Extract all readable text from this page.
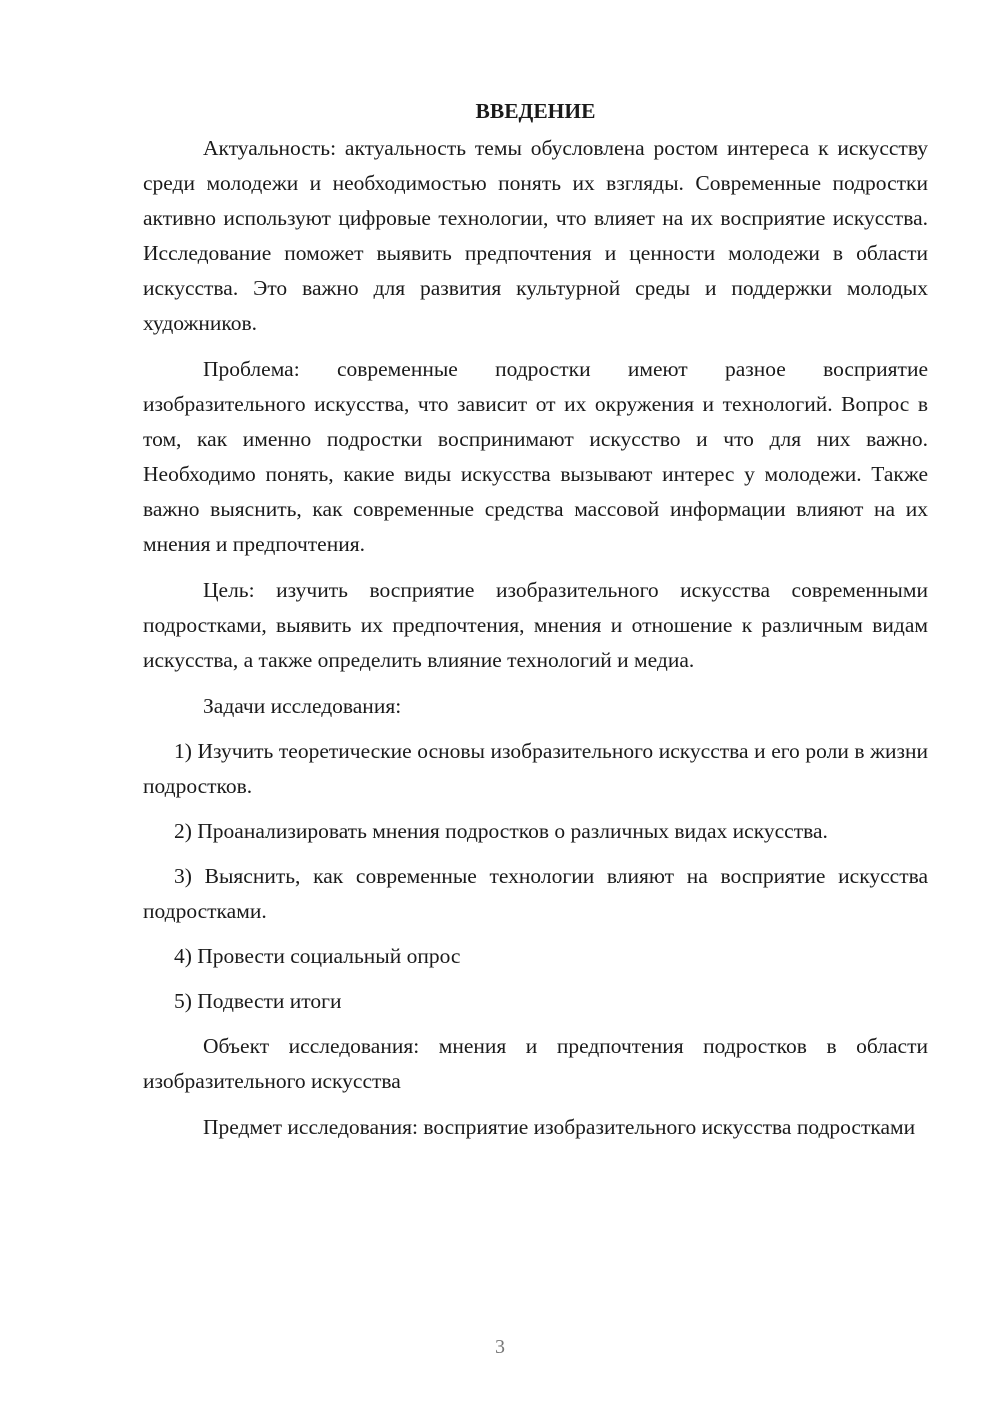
ВВЕДЕНИЕ

Актуальность: актуальность темы обусловлена ростом интереса к искусству среди молодежи и необходимостью понять их взгляды. Современные подростки активно используют цифровые технологии, что влияет на их восприятие искусства. Исследование поможет выявить предпочтения и ценности молодежи в области искусства. Это важно для развития культурной среды и поддержки молодых художников.

Проблема: современные подростки имеют разное восприятие изобразительного искусства, что зависит от их окружения и технологий. Вопрос в том, как именно подростки воспринимают искусство и что для них важно. Необходимо понять, какие виды искусства вызывают интерес у молодежи. Также важно выяснить, как современные средства массовой информации влияют на их мнения и предпочтения.

Цель: изучить восприятие изобразительного искусства современными подростками, выявить их предпочтения, мнения и отношение к различным видам искусства, а также определить влияние технологий и медиа.

Задачи исследования:

1) Изучить теоретические основы изобразительного искусства и его роли в жизни подростков.

2) Проанализировать мнения подростков о различных видах искусства.

3) Выяснить, как современные технологии влияют на восприятие искусства подростками.

4) Провести социальный опрос

5) Подвести итоги

Объект исследования: мнения и предпочтения подростков в области изобразительного искусства

Предмет исследования: восприятие изобразительного искусства подростками

3
